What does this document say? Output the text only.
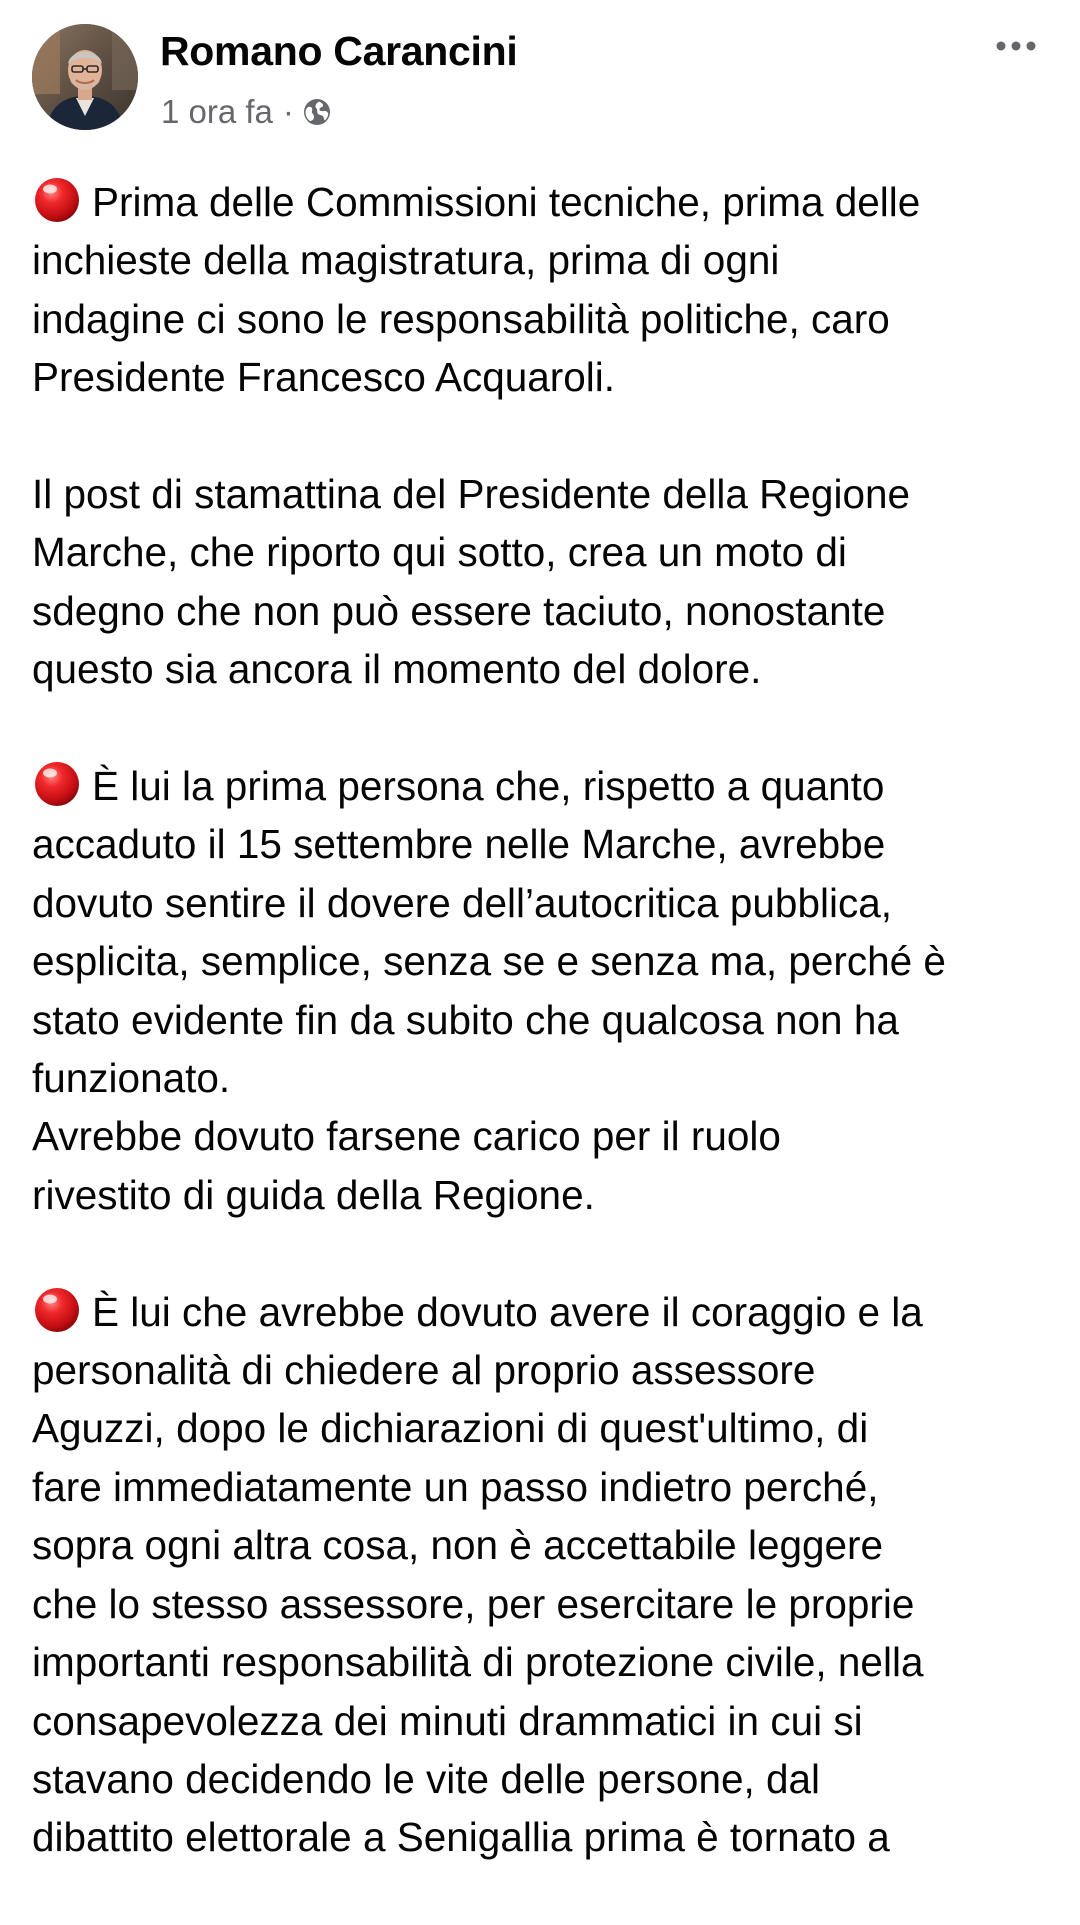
Romano Carancini
1 ora fa ·
Prima delle Commissioni tecniche, prima delle
inchieste della magistratura, prima di ogni
indagine ci sono le responsabilità politiche, caro
Presidente Francesco Acquaroli.
Il post di stamattina del Presidente della Regione
Marche, che riporto qui sotto, crea un moto di
sdegno che non può essere taciuto, nonostante
questo sia ancora il momento del dolore.
È lui la prima persona che, rispetto a quanto
accaduto il 15 settembre nelle Marche, avrebbe
dovuto sentire il dovere dell’autocritica pubblica,
esplicita, semplice, senza se e senza ma, perché è
stato evidente fin da subito che qualcosa non ha
funzionato.
Avrebbe dovuto farsene carico per il ruolo
rivestito di guida della Regione.
È lui che avrebbe dovuto avere il coraggio e la
personalità di chiedere al proprio assessore
Aguzzi, dopo le dichiarazioni di quest'ultimo, di
fare immediatamente un passo indietro perché,
sopra ogni altra cosa, non è accettabile leggere
che lo stesso assessore, per esercitare le proprie
importanti responsabilità di protezione civile, nella
consapevolezza dei minuti drammatici in cui si
stavano decidendo le vite delle persone, dal
dibattito elettorale a Senigallia prima è tornato a
